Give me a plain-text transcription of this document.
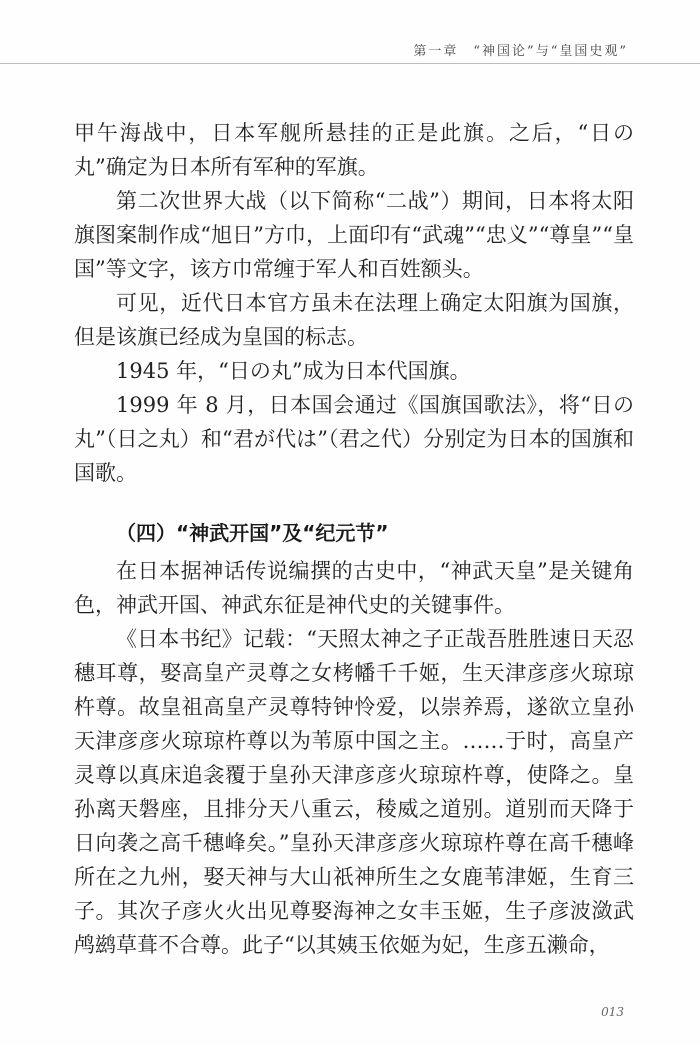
第一章　“神国论”与“皇国史观”

甲午海战中，日本军舰所悬挂的正是此旗。之后，“日の丸”确定为日本所有军种的军旗。

第二次世界大战（以下简称“二战”）期间，日本将太阳旗图案制作成“旭日”方巾，上面印有“武魂”“忠义”“尊皇”“皇国”等文字，该方巾常缠于军人和百姓额头。

可见，近代日本官方虽未在法理上确定太阳旗为国旗，但是该旗已经成为皇国的标志。

1945 年，“日の丸”成为日本代国旗。

1999 年 8 月，日本国会通过《国旗国歌法》，将“日の丸”（日之丸）和“君が代は”（君之代）分别定为日本的国旗和国歌。

（四）“神武开国”及“纪元节”

在日本据神话传说编撰的古史中，“神武天皇”是关键角色，神武开国、神武东征是神代史的关键事件。

《日本书纪》记载：“天照太神之子正哉吾胜胜速日天忍穗耳尊，娶高皇产灵尊之女栲幡千千姬，生天津彦彦火琼琼杵尊。故皇祖高皇产灵尊特钟怜爱，以崇养焉，遂欲立皇孙天津彦彦火琼琼杵尊以为苇原中国之主。……于时，高皇产灵尊以真床追衾覆于皇孙天津彦彦火琼琼杵尊，使降之。皇孙离天磐座，且排分天八重云，稜威之道别。道别而天降于日向袭之高千穗峰矣。”皇孙天津彦彦火琼琼杵尊在高千穗峰所在之九州，娶天神与大山祇神所生之女鹿苇津姬，生育三子。其次子彦火火出见尊娶海神之女丰玉姬，生子彦波潋武鸬鹚草葺不合尊。此子“以其姨玉依姬为妃，生彦五濑命，

013
